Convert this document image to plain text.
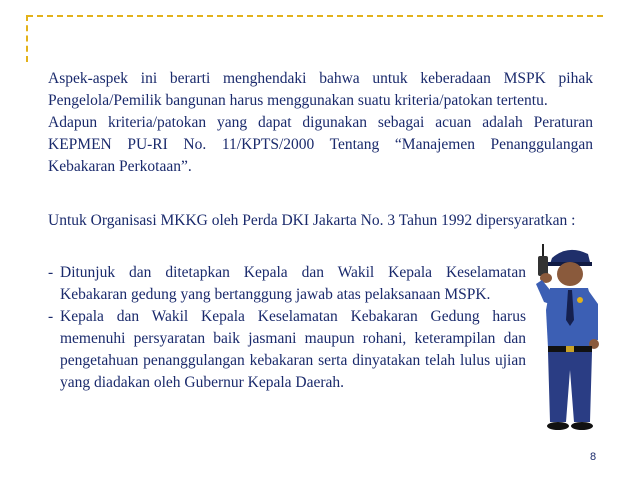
Aspek-aspek ini berarti menghendaki bahwa untuk keberadaan MSPK pihak Pengelola/Pemilik bangunan harus menggunakan suatu kriteria/patokan tertentu.
Adapun kriteria/patokan yang dapat digunakan sebagai acuan adalah Peraturan KEPMEN PU-RI No. 11/KPTS/2000 Tentang “Manajemen Penanggulangan Kebakaran Perkotaan”.

Untuk Organisasi MKKG oleh Perda DKI Jakarta No. 3 Tahun 1992 dipersyaratkan :

- Ditunjuk dan ditetapkan Kepala dan Wakil Kepala Keselamatan Kebakaran gedung yang bertanggung jawab atas pelaksanaan MSPK.
- Kepala dan Wakil Kepala Keselamatan Kebakaran Gedung harus memenuhi persyaratan baik jasmani maupun rohani, keterampilan dan pengetahuan penanggulangan kebakaran serta dinyatakan telah lulus ujian yang diadakan oleh Gubernur Kepala Daerah.
8
